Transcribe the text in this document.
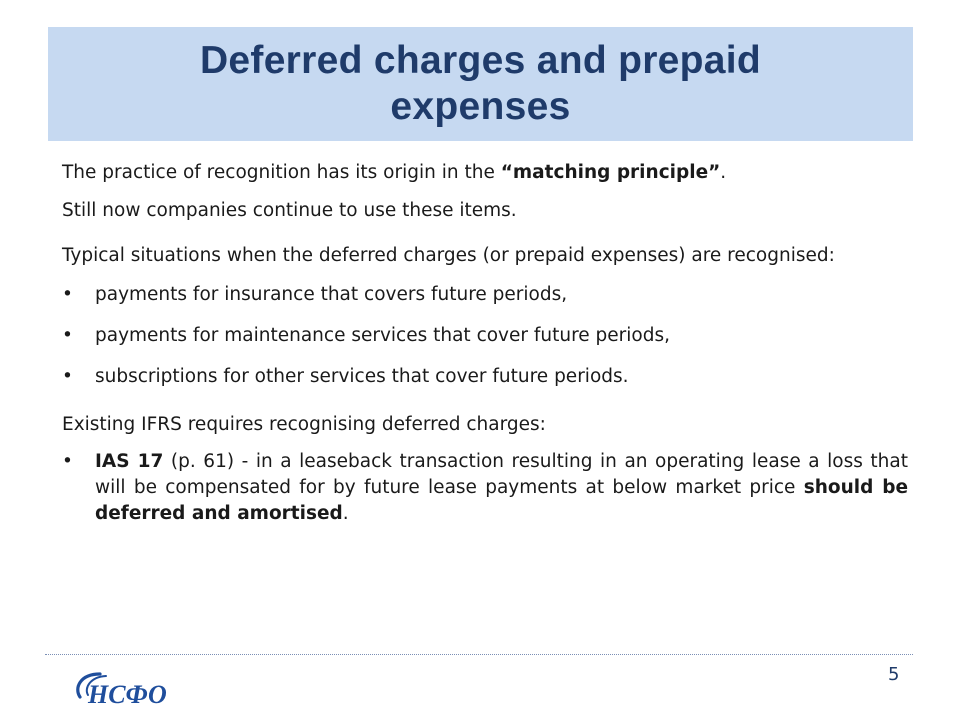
Deferred charges and prepaid
expenses

The practice of recognition has its origin in the “matching principle”.

Still now companies continue to use these items.

Typical situations when the deferred charges (or prepaid expenses) are recognised:

• payments for insurance that covers future periods,

• payments for maintenance services that cover future periods,

• subscriptions for other services that cover future periods.

Existing IFRS requires recognising deferred charges:

• IAS 17 (p. 61) - in a leaseback transaction resulting in an operating lease a loss that will be compensated for by future lease payments at below market price should be deferred and amortised.

НСФО
5
